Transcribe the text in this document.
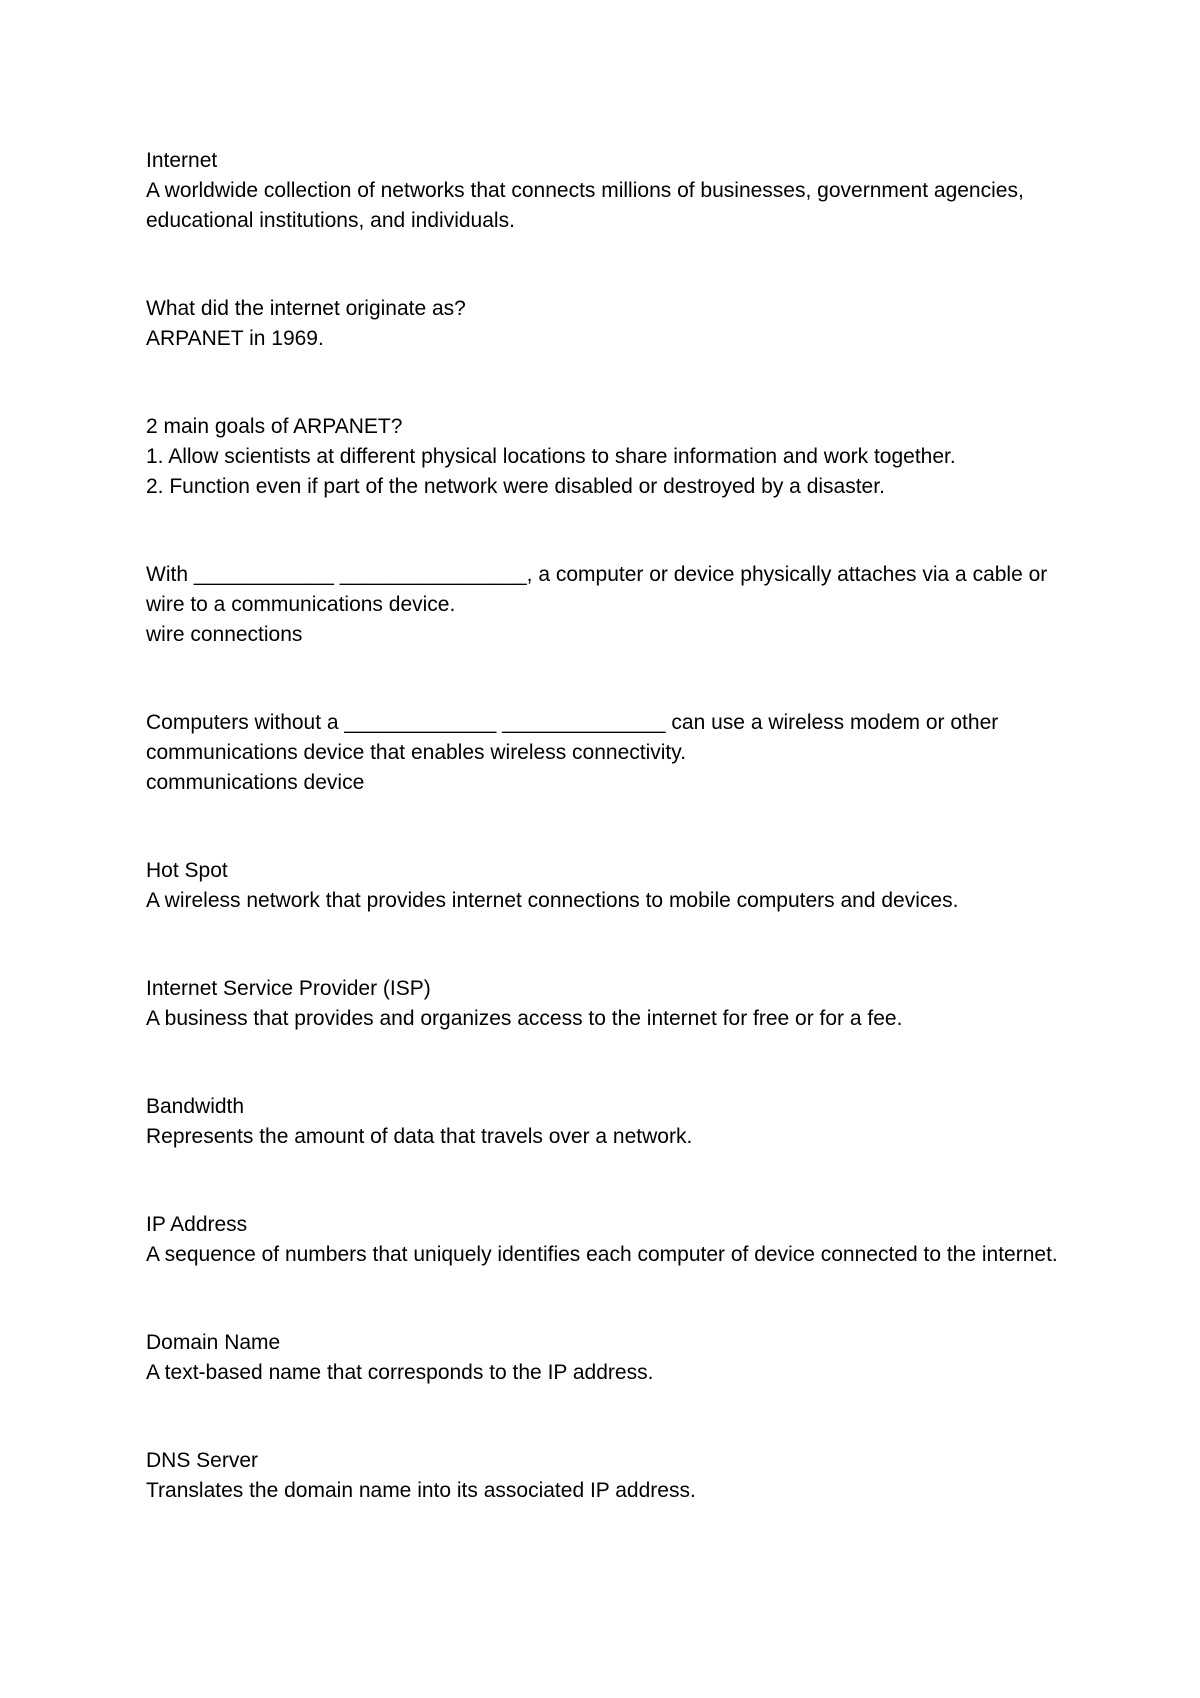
Internet
A worldwide collection of networks that connects millions of businesses, government agencies, educational institutions, and individuals.
What did the internet originate as?
ARPANET in 1969.
2 main goals of ARPANET?
1. Allow scientists at different physical locations to share information and work together.
2. Function even if part of the network were disabled or destroyed by a disaster.
With ____________ ________________, a computer or device physically attaches via a cable or wire to a communications device.
wire connections
Computers without a _____________ ______________ can use a wireless modem or other communications device that enables wireless connectivity.
communications device
Hot Spot
A wireless network that provides internet connections to mobile computers and devices.
Internet Service Provider (ISP)
A business that provides and organizes access to the internet for free or for a fee.
Bandwidth
Represents the amount of data that travels over a network.
IP Address
A sequence of numbers that uniquely identifies each computer of device connected to the internet.
Domain Name
A text-based name that corresponds to the IP address.
DNS Server
Translates the domain name into its associated IP address.
